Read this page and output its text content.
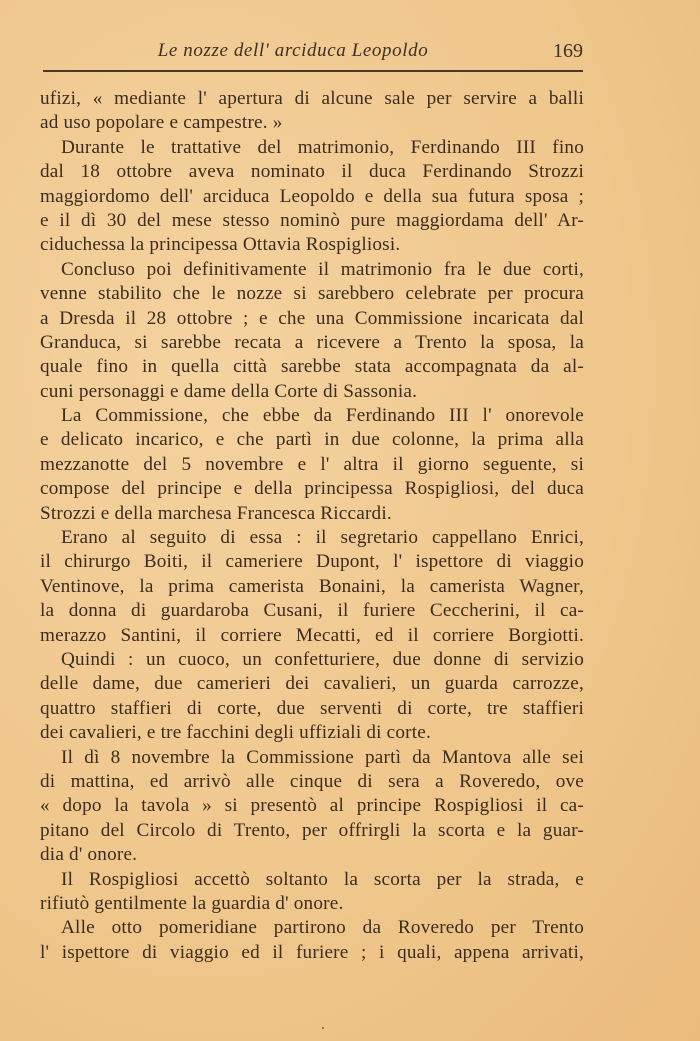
Le nozze dell' arciduca Leopoldo	169
ufizi, « mediante l' apertura di alcune sale per servire a balli
ad uso popolare e campestre. »
Durante le trattative del matrimonio, Ferdinando III fino
dal 18 ottobre aveva nominato il duca Ferdinando Strozzi
maggiordomo dell' arciduca Leopoldo e della sua futura sposa ;
e il dì 30 del mese stesso nominò pure maggiordama dell' Ar-
ciduchessa la principessa Ottavia Rospigliosi.
Concluso poi definitivamente il matrimonio fra le due corti,
venne stabilito che le nozze si sarebbero celebrate per procura
a Dresda il 28 ottobre ; e che una Commissione incaricata dal
Granduca, si sarebbe recata a ricevere a Trento la sposa, la
quale fino in quella città sarebbe stata accompagnata da al-
cuni personaggi e dame della Corte di Sassonia.
La Commissione, che ebbe da Ferdinando III l' onorevole
e delicato incarico, e che partì in due colonne, la prima alla
mezzanotte del 5 novembre e l' altra il giorno seguente, si
compose del principe e della principessa Rospigliosi, del duca
Strozzi e della marchesa Francesca Riccardi.
Erano al seguito di essa : il segretario cappellano Enrici,
il chirurgo Boiti, il cameriere Dupont, l' ispettore di viaggio
Ventinove, la prima camerista Bonaini, la camerista Wagner,
la donna di guardaroba Cusani, il furiere Ceccherini, il ca-
merazzo Santini, il corriere Mecatti, ed il corriere Borgiotti.
Quindi : un cuoco, un confetturiere, due donne di servizio
delle dame, due camerieri dei cavalieri, un guarda carrozze,
quattro staffieri di corte, due serventi di corte, tre staffieri
dei cavalieri, e tre facchini degli uffiziali di corte.
Il dì 8 novembre la Commissione partì da Mantova alle sei
di mattina, ed arrivò alle cinque di sera a Roveredo, ove
« dopo la tavola » si presentò al principe Rospigliosi il ca-
pitano del Circolo di Trento, per offrirgli la scorta e la guar-
dia d' onore.
Il Rospigliosi accettò soltanto la scorta per la strada, e
rifiutò gentilmente la guardia d' onore.
Alle otto pomeridiane partirono da Roveredo per Trento
l' ispettore di viaggio ed il furiere ; i quali, appena arrivati,
